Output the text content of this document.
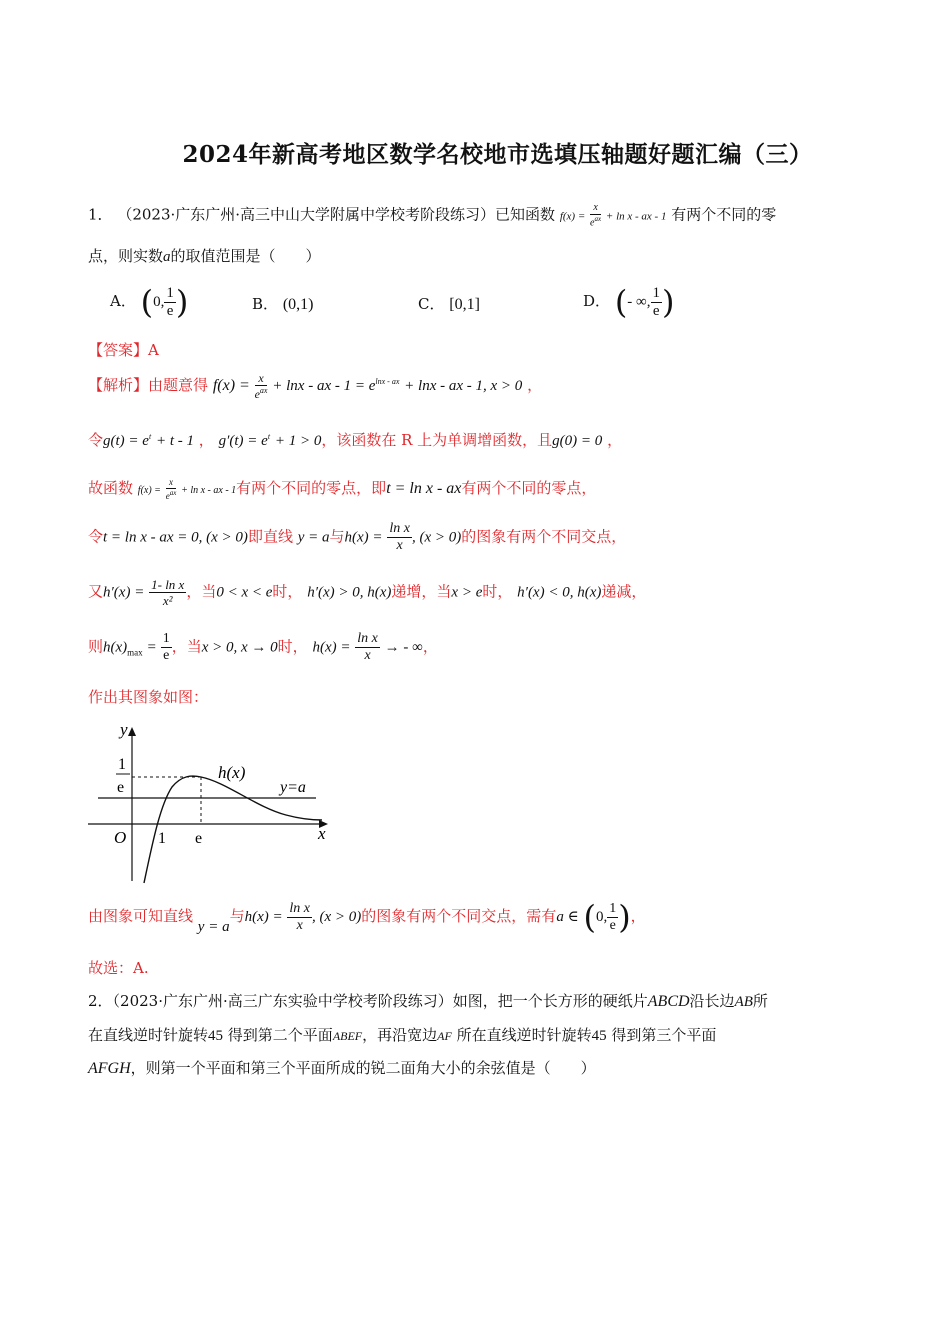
2024年新高考地区数学名校地市选填压轴题好题汇编（三）
1． （2023·广东广州·高三中山大学附属中学校考阶段练习）已知函数 $f(x) = \frac{x}{e^{ax}} + \ln x$ - ax - 1 有两个不同的零
点，则实数a的取值范围是（　　）
A． (0, $\frac{1}{e}$ )	B． (0,1)	C． [0,1]	D． (- ∞, $\frac{1}{e}$ )
【答案】A
【解析】由题意得 $f(x) = \frac{x}{e^{ax}} + \ln x$ - ax - $1 = e^{lnx - ax} + \ln x$ - ax - 1, x > 0 ，
令$g(t) = e^t + t - 1$ ， $g'(t) = e^t + 1 > 0$，该函数在 R 上为单调增函数，且g(0) = 0 ，
故函数 $f(x) = \frac{x}{e^{ax}} + \ln x$ - ax - 1有两个不同的零点，即t = ln x - ax有两个不同的零点，
令t = ln x - ax = 0, (x > 0)即直线 y = a与$h(x) = \frac{\text{ln x}}{x}$ , (x > 0)的图象有两个不同交点，
又$h'(x) = \frac{\text{1- ln x}}{\text{x²}}$ ，当0 < x < e时， h′(x) > 0, h(x)递增，当x > e时， h′(x) < 0, h(x)递减，
则$h(x)_{max} = \frac{1}{e}$ ，当x > 0, x → 0时， $h(x) = \frac{\text{ln x}}{x}$ → - ∞，
作出其图象如图：
y
x
O 1 e
1
e
h(x)
y=a
由图象可知直线 y = a与$h(x) = \frac{\text{ln x}}{x}$ , (x > 0)的图象有两个不同交点，需有a ∈ (0, $\frac{1}{e}$ )，
故选：A.
2．（2023·广东广州·高三广东实验中学校考阶段练习）如图，把一个长方形的硬纸片ABCD沿长边AB所
在直线逆时针旋转45 得到第二个平面ABEF，再沿宽边AF 所在直线逆时针旋转45 得到第三个平面
AFGH，则第一个平面和第三个平面所成的锐二面角大小的余弦值是（　　）
